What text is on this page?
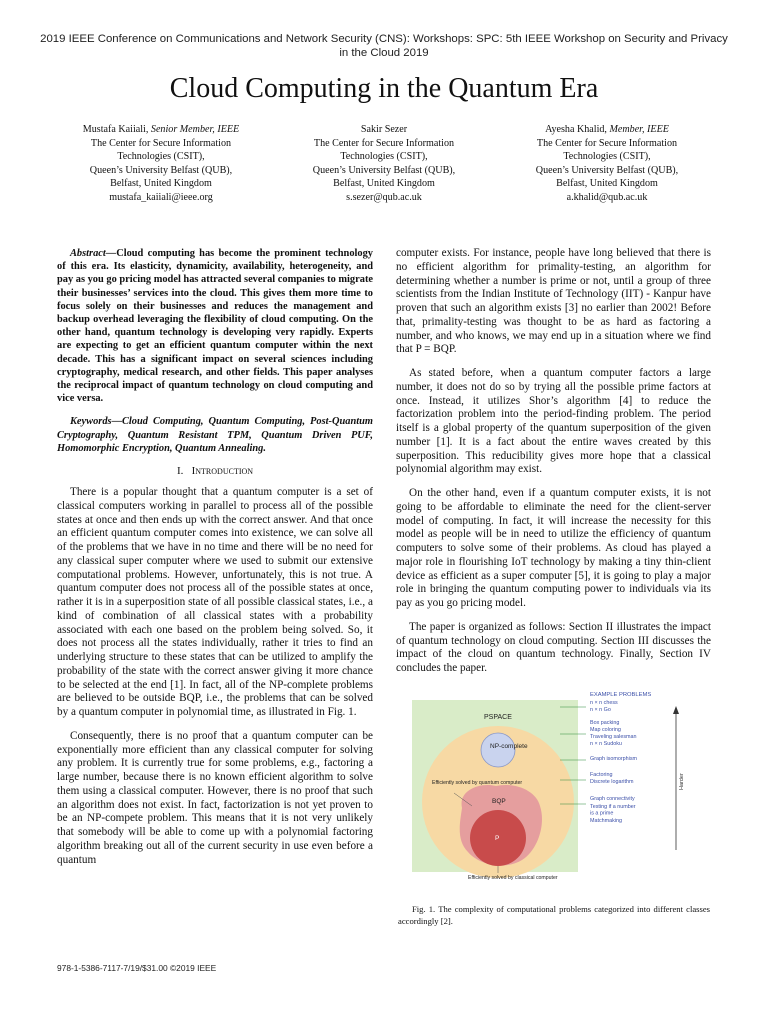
2019 IEEE Conference on Communications and Network Security (CNS): Workshops: SPC: 5th IEEE Workshop on Security and Privacy in the Cloud 2019
Cloud Computing in the Quantum Era
Mustafa Kaiiali, Senior Member, IEEE
The Center for Secure Information
Technologies (CSIT),
Queen’s University Belfast (QUB),
Belfast, United Kingdom
mustafa_kaiiali@ieee.org
Sakir Sezer
The Center for Secure Information
Technologies (CSIT),
Queen’s University Belfast (QUB),
Belfast, United Kingdom
s.sezer@qub.ac.uk
Ayesha Khalid, Member, IEEE
The Center for Secure Information
Technologies (CSIT),
Queen’s University Belfast (QUB),
Belfast, United Kingdom
a.khalid@qub.ac.uk

Abstract—Cloud computing has become the prominent technology of this era. Its elasticity, dynamicity, availability, heterogeneity, and pay as you go pricing model has attracted several companies to migrate their businesses’ services into the cloud. This gives them more time to focus solely on their businesses and reduces the management and backup overhead leveraging the flexibility of cloud computing. On the other hand, quantum technology is developing very rapidly. Experts are expecting to get an efficient quantum computer within the next decade. This has a significant impact on several sciences including cryptography, medical research, and other fields. This paper analyses the reciprocal impact of quantum technology on cloud computing and vice versa.

Keywords—Cloud Computing, Quantum Computing, Post-Quantum Cryptography, Quantum Resistant TPM, Quantum Driven PUF, Homomorphic Encryption, Quantum Annealing.

I. Introduction

There is a popular thought that a quantum computer is a set of classical computers working in parallel to process all of the possible states at once and then ends up with the correct answer. And that once an efficient quantum computer comes into existence, we can solve all of the problems that we have in no time and there will be no need for any classical super computer where we used to submit our extensive computational problems. However, unfortunately, this is not true. A quantum computer does not process all of the possible states at once, rather it is in a superposition state of all possible classical states, i.e., a kind of combination of all classical states with a probability associated with each one based on the problem being solved. So, it does not process all the states individually, rather it tries to find an underlying structure to these states that can be utilized to amplify the probability of the state with the correct answer giving it more chance to be selected at the end [1]. In fact, all of the NP-complete problems are believed to be outside BQP, i.e., the problems that can be solved by a quantum computer in polynomial time, as illustrated in Fig. 1.

Consequently, there is no proof that a quantum computer can be exponentially more efficient than any classical computer for solving any problem. It is currently true for some problems, e.g., factoring a large number, because there is no known efficient algorithm to solve them using a classical computer. However, there is no proof that such an algorithm does not exist. In fact, factorization is not yet proven to be an NP-compete problem. This means that it is not very unlikely that somebody will be able to come up with a polynomial factoring algorithm breaking out all of the current security in use even before a quantum

computer exists. For instance, people have long believed that there is no efficient algorithm for primality-testing, an algorithm for determining whether a number is prime or not, until a group of three scientists from the Indian Institute of Technology (IIT) - Kanpur have proven that such an algorithm exists [3] no earlier than 2002! Before that, primality-testing was thought to be as hard as factoring a number, and who knows, we may end up in a situation where we find that P = BQP.

As stated before, when a quantum computer factors a large number, it does not do so by trying all the possible prime factors at once. Instead, it utilizes Shor’s algorithm [4] to reduce the factorization problem into the period-finding problem. The period itself is a global property of the quantum superposition of the given number [1]. It is a fact about the entire waves created by this superposition. This reducibility gives more hope that a classical polynomial algorithm may exist.

On the other hand, even if a quantum computer exists, it is not going to be affordable to eliminate the need for the client-server model of computing. In fact, it will increase the necessity for this model as people will be in need to utilize the efficiency of quantum computers to solve some of their problems. As cloud has played a major role in flourishing IoT technology by making a tiny thin-client device as efficient as a super computer [5], it is going to play a major role in bringing the quantum computing power to individuals via its pay as you go pricing model.

The paper is organized as follows: Section II illustrates the impact of quantum technology on cloud computing. Section III discusses the impact of the cloud on quantum technology. Finally, Section IV concludes the paper.

PSPACE
NP-complete
BQP
P
Efficiently solved by quantum computer
Efficiently solved by classical computer
EXAMPLE PROBLEMS
n × n chess
n × n Go
Box packing
Map coloring
Traveling salesman
n × n Sudoku
Graph isomorphism
Factoring
Discrete logarithm
Graph connectivity
Testing if a number is a prime
Matchmaking
Harder
Fig. 1. The complexity of computational problems categorized into different classes accordingly [2].
978-1-5386-7117-7/19/$31.00 ©2019 IEEE
